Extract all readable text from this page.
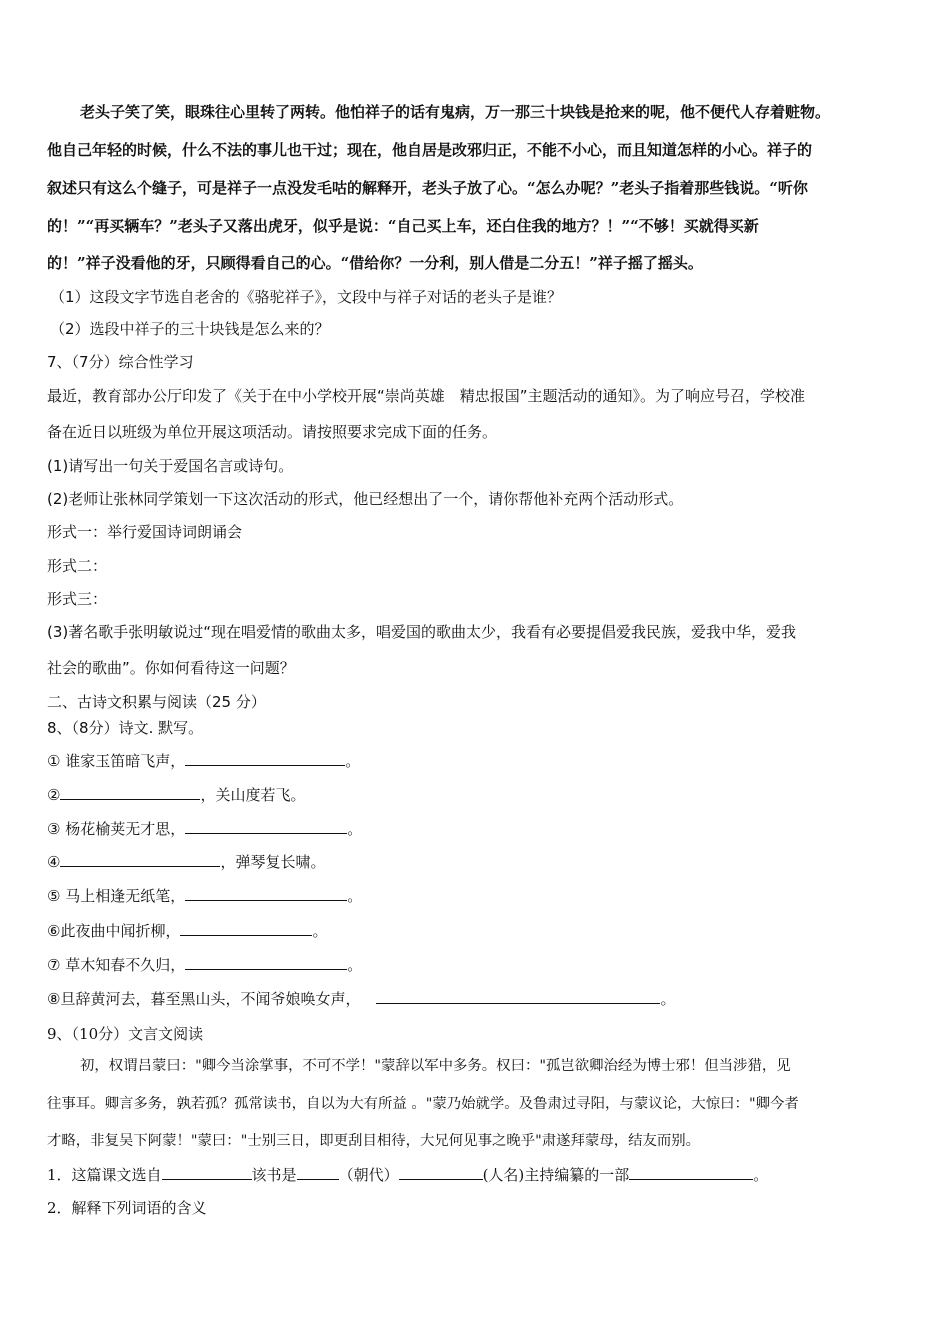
老头子笑了笑，眼珠往心里转了两转。他怕祥子的话有鬼病，万一那三十块钱是抢来的呢，他不便代人存着赃物。
他自己年轻的时候，什么不法的事儿也干过；现在，他自居是改邪归正，不能不小心，而且知道怎样的小心。祥子的
叙述只有这么个缝子，可是祥子一点没发毛咕的解释开，老头子放了心。“怎么办呢？”老头子指着那些钱说。“听你
的！”“再买辆车？”老头子又落出虎牙，似乎是说：“自己买上车，还白住我的地方？！”“不够！买就得买新
的！”祥子没看他的牙，只顾得看自己的心。“借给你？一分利，别人借是二分五！”祥子摇了摇头。
（1）这段文字节选自老舍的《骆驼祥子》，文段中与祥子对话的老头子是谁？
（2）选段中祥子的三十块钱是怎么来的？
7、（7分）综合性学习
最近，教育部办公厅印发了《关于在中小学校开展“崇尚英雄　精忠报国”主题活动的通知》。为了响应号召，学校准
备在近日以班级为单位开展这项活动。请按照要求完成下面的任务。
(1)请写出一句关于爱国名言或诗句。
(2)老师让张林同学策划一下这次活动的形式，他已经想出了一个，请你帮他补充两个活动形式。
形式一：举行爱国诗词朗诵会
形式二：
形式三：
(3)著名歌手张明敏说过“现在唱爱情的歌曲太多，唱爱国的歌曲太少，我看有必要提倡爱我民族，爱我中华，爱我
社会的歌曲”。你如何看待这一问题？
二、古诗文积累与阅读（25 分）
8、（8分）诗文. 默写。
① 谁家玉笛暗飞声，	。
②	，关山度若飞。
③ 杨花榆荚无才思，	。
④	，弹琴复长啸。
⑤ 马上相逢无纸笔，	。
⑥此夜曲中闻折柳，	。
⑦ 草木知春不久归，	。
⑧旦辞黄河去，暮至黑山头，不闻爷娘唤女声，	。
9、（10分）文言文阅读
初，权谓吕蒙曰："卿今当涂掌事，不可不学！"蒙辞以军中多务。权曰："孤岂欲卿治经为博士邪！但当涉猎，见
往事耳。卿言多务，孰若孤？孤常读书，自以为大有所益 。"蒙乃始就学。及鲁肃过寻阳，与蒙议论，大惊曰："卿今者
才略，非复吴下阿蒙！"蒙曰："士别三日，即更刮目相待，大兄何见事之晚乎"肃遂拜蒙母，结友而别。
1．这篇课文选自	该书是	（朝代）	(人名)主持编纂的一部	。
2．解释下列词语的含义
